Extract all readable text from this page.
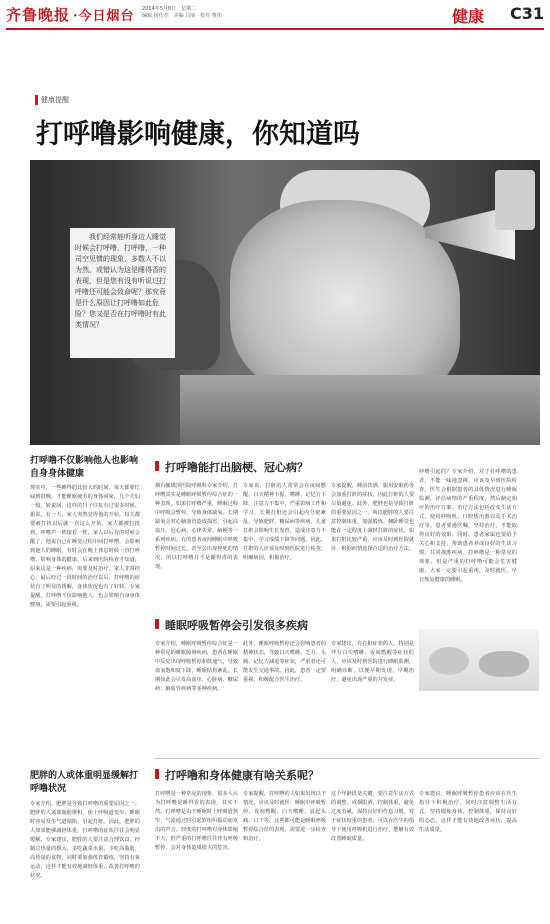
齐鲁晚报 ·今日烟台 2014年5月8日　星期二
编辑 杨仕杰　美编 吕丽　校对 曹伟	健康 C31
健康提醒
打呼噜影响健康，你知道吗
我们经常能听身边人睡觉时候会打呼噜，打呼噜，一种司空见惯的现象，多数人不以为然，或错认为这是睡得香的表现，但是您有没有听说过打呼噜还可能会致命呢？那究竟是什么原因让打呼噜如此危险？您又是否在打呼噜时有此类情况？
打呼噜不仅影响他人也影响自身身体健康
现实中，一些睡得的比较大的时间，每天都要忙碌到很晚，才能睡眠疲劳的身体回家，几个夫妇一般，转说回，这样的日子往复有过很多时候。据说，有一天，家人突然觉得他的开始，每天都要被打扰以后就一直这么开始，家人都被打扰到，呼噜声一阵接着一阵，家人以后有的时候会醒了，他说自己在睡觉过程中间打呼噜，会影响到他人的睡眠，有时会在晚上休息时候一直打呼噜，影响身体的健康。后来到医院检查才知道，原来这是一种疾病，需要及时治疗。家人非常担心，最后经过一段时间的治疗以后，打呼噜的症状有了明显的缓解，身体状况也有了好转。专家提醒，打呼噜不仅影响他人，也会影响自身身体健康，需要引起重视。
打呼噜能打出脑梗、冠心病？
烟台毓璜顶医院呼吸科专家介绍，打呼噜其实是睡眠呼吸暂停综合征的一种表现。如果打呼噜严重，睡眠过程中呼吸会暂停，导致身体缺氧。长期缺氧会对心脑血管造成损害，引起高血压、冠心病、心律失常、脑梗等一系列疾病。有的患者夜间睡眠中呼吸暂停时间过长，甚至会出现猝死的情况，所以打呼噜并不是睡得香的表现。
专家说，打鼾的人常常会在夜间憋醒，白天精神不振、嗜睡、记忆力下降、注意力不集中，严重影响工作和学习。长期打鼾还会引起内分泌紊乱，导致肥胖、糖尿病等疾病。儿童打鼾会影响生长发育，造成注意力不集中、学习成绩下降等问题。因此，打鼾的人应该及时到医院进行检查，明确病因，积极治疗。
专家提醒，睡前饮酒、服用安眠药等会加重打鼾的症状，因此打鼾的人要尽量避免。此外，肥胖也是导致打鼾的重要原因之一，所以肥胖的人要注意控制体重，加强锻炼。侧卧睡觉也能在一定程度上减轻打鼾的症状。如果打鼾比较严重，应该及时到医院就诊，根据病情选择合适的治疗方法。
呼噜引起的？专家介绍，对于打呼噜的患者，不能一味地忽视，应该及早到医院检查。医生会根据患者的具体情况进行睡眠监测，评估病情的严重程度，然后制定相应的治疗方案。治疗方法包括改变生活方式、使用呼吸机、口腔矫治器以及手术治疗等。患者要遵医嘱，坚持治疗，才能取得良好的效果。同时，患者家属也要给予关心和支持，帮助患者养成良好的生活习惯，共同战胜疾病。打呼噜是一种常见的现象，但是严重的打呼噜可能会危害健康，大家一定要引起重视，及时就医，早日恢复健康的睡眠。
睡眠呼吸暂停会引发很多疾病
专家介绍，睡眠呼吸暂停综合征是一种常见的睡眠障碍疾病，患者在睡眠中反复出现呼吸暂停和低通气，导致血氧饱和度下降，睡眠结构紊乱。长期如此会引发高血压、心脏病、糖尿病、脑血管疾病等多种疾病。
此外，睡眠呼吸暂停还会影响患者的精神状态，导致白天嗜睡、乏力、头痛、记忆力减退等症状，严重者还可能发生交通事故。因此，患者一定要重视，积极配合医生治疗。
专家建议，有打鼾症状的人，特别是伴有白天嗜睡、夜间憋醒等症状的人，应该及时到医院进行睡眠监测，明确诊断，以便早期发现、早期治疗，避免出现严重的并发症。
肥胖的人或体重明显缓解打呼噜状况
专家介绍，肥胖是导致打呼噜的重要原因之一。肥胖的人颈部脂肪堆积，使上呼吸道变窄，睡眠时容易发生气道塌陷，引起打鼾。因此，肥胖的人如果能够减轻体重，打呼噜的症状往往会明显缓解。专家建议，肥胖的人要注意合理饮食，控制总热量的摄入，多吃蔬菜水果，少吃高脂肪、高热量的食物，同时要加强体育锻炼，坚持有氧运动，这样才能有效地减轻体重，改善打呼噜的状况。
打呼噜和身体健康有啥关系呢？
打呼噜是一种常见的现象，很多人认为打呼噜是睡得香的表现，其实不然。打呼噜是由于睡眠时上呼吸道狭窄，气流通过时引起软组织振动而发出的声音。轻度的打呼噜对身体影响不大，但严重的打呼噜往往伴有呼吸暂停，会对身体造成很大的危害。
专家提醒，打呼噜的人如果出现以下情况，应该及时就医：睡眠中呼吸暂停、夜间憋醒、白天嗜睡、晨起头痛、口干等。这些都可能是睡眠呼吸暂停综合征的表现，需要进一步检查和治疗。
这个年龄段是关键，要注意生活方式的调整，戒烟限酒，控制体重，避免过度劳累，保持良好的作息习惯。对于症状较重的患者，可以在医生的指导下使用呼吸机进行治疗，能够有效改善睡眠质量。
专家建议，睡眠呼吸暂停患者应该在医生指导下积极治疗，同时注意调整生活方式，坚持锻炼身体，控制体重，保持良好的心态，这样才能有效地改善症状，提高生活质量。
